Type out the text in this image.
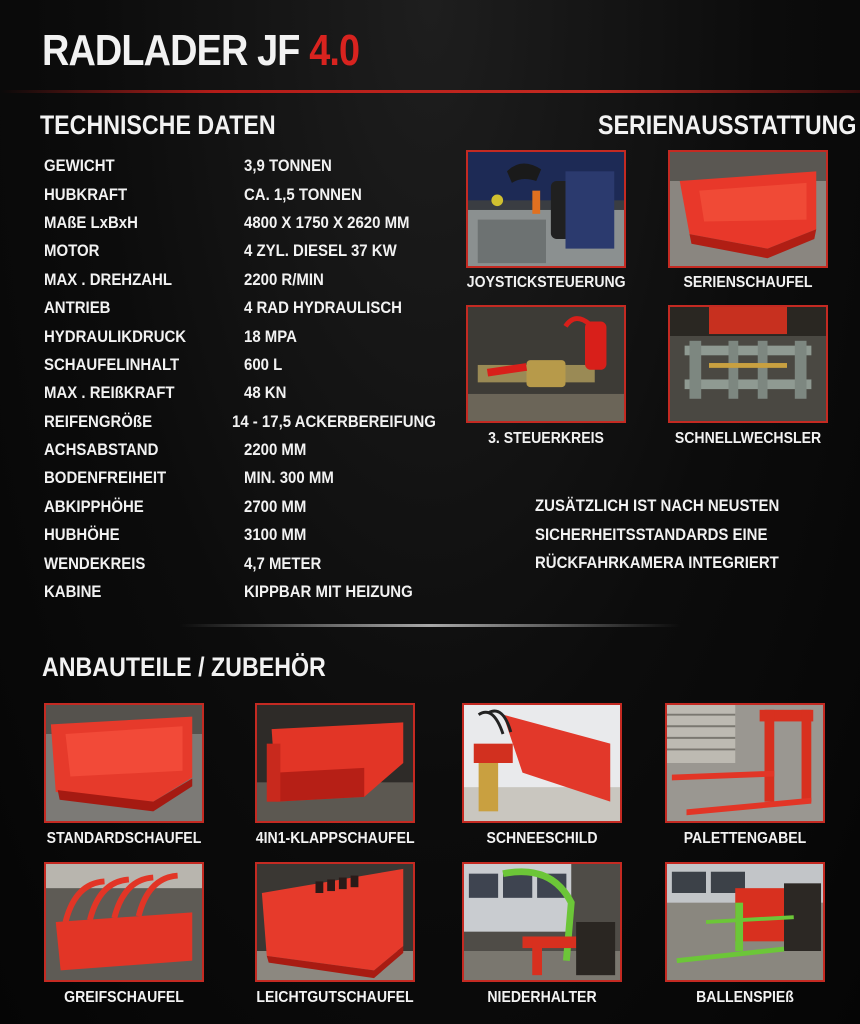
RADLADER JF 4.0
TECHNISCHE DATEN
GEWICHT	3,9 TONNEN
HUBKRAFT	CA. 1,5 TONNEN
MAßE LxBxH	4800 X 1750 X 2620 MM
MOTOR	4 ZYL. DIESEL 37 KW
MAX . DREHZAHL	2200 R/MIN
ANTRIEB	4 RAD HYDRAULISCH
HYDRAULIKDRUCK	18 MPA
SCHAUFELINHALT	600 L
MAX . REIßKRAFT	48 KN
REIFENGRÖßE	14 - 17,5 ACKERBEREIFUNG
ACHSABSTAND	2200 MM
BODENFREIHEIT	MIN. 300 MM
ABKIPPHÖHE	2700 MM
HUBHÖHE	3100 MM
WENDEKREIS	4,7 METER
KABINE	KIPPBAR MIT HEIZUNG
SERIENAUSSTATTUNG
JOYSTICKSTEUERUNG	SERIENSCHAUFEL
3. STEUERKREIS	SCHNELLWECHSLER
ZUSÄTZLICH IST NACH NEUSTEN
SICHERHEITSSTANDARDS EINE
RÜCKFAHRKAMERA INTEGRIERT
ANBAUTEILE / ZUBEHÖR
STANDARDSCHAUFEL	4IN1-KLAPPSCHAUFEL	SCHNEESCHILD	PALETTENGABEL
GREIFSCHAUFEL	LEICHTGUTSCHAUFEL	NIEDERHALTER	BALLENSPIEß
